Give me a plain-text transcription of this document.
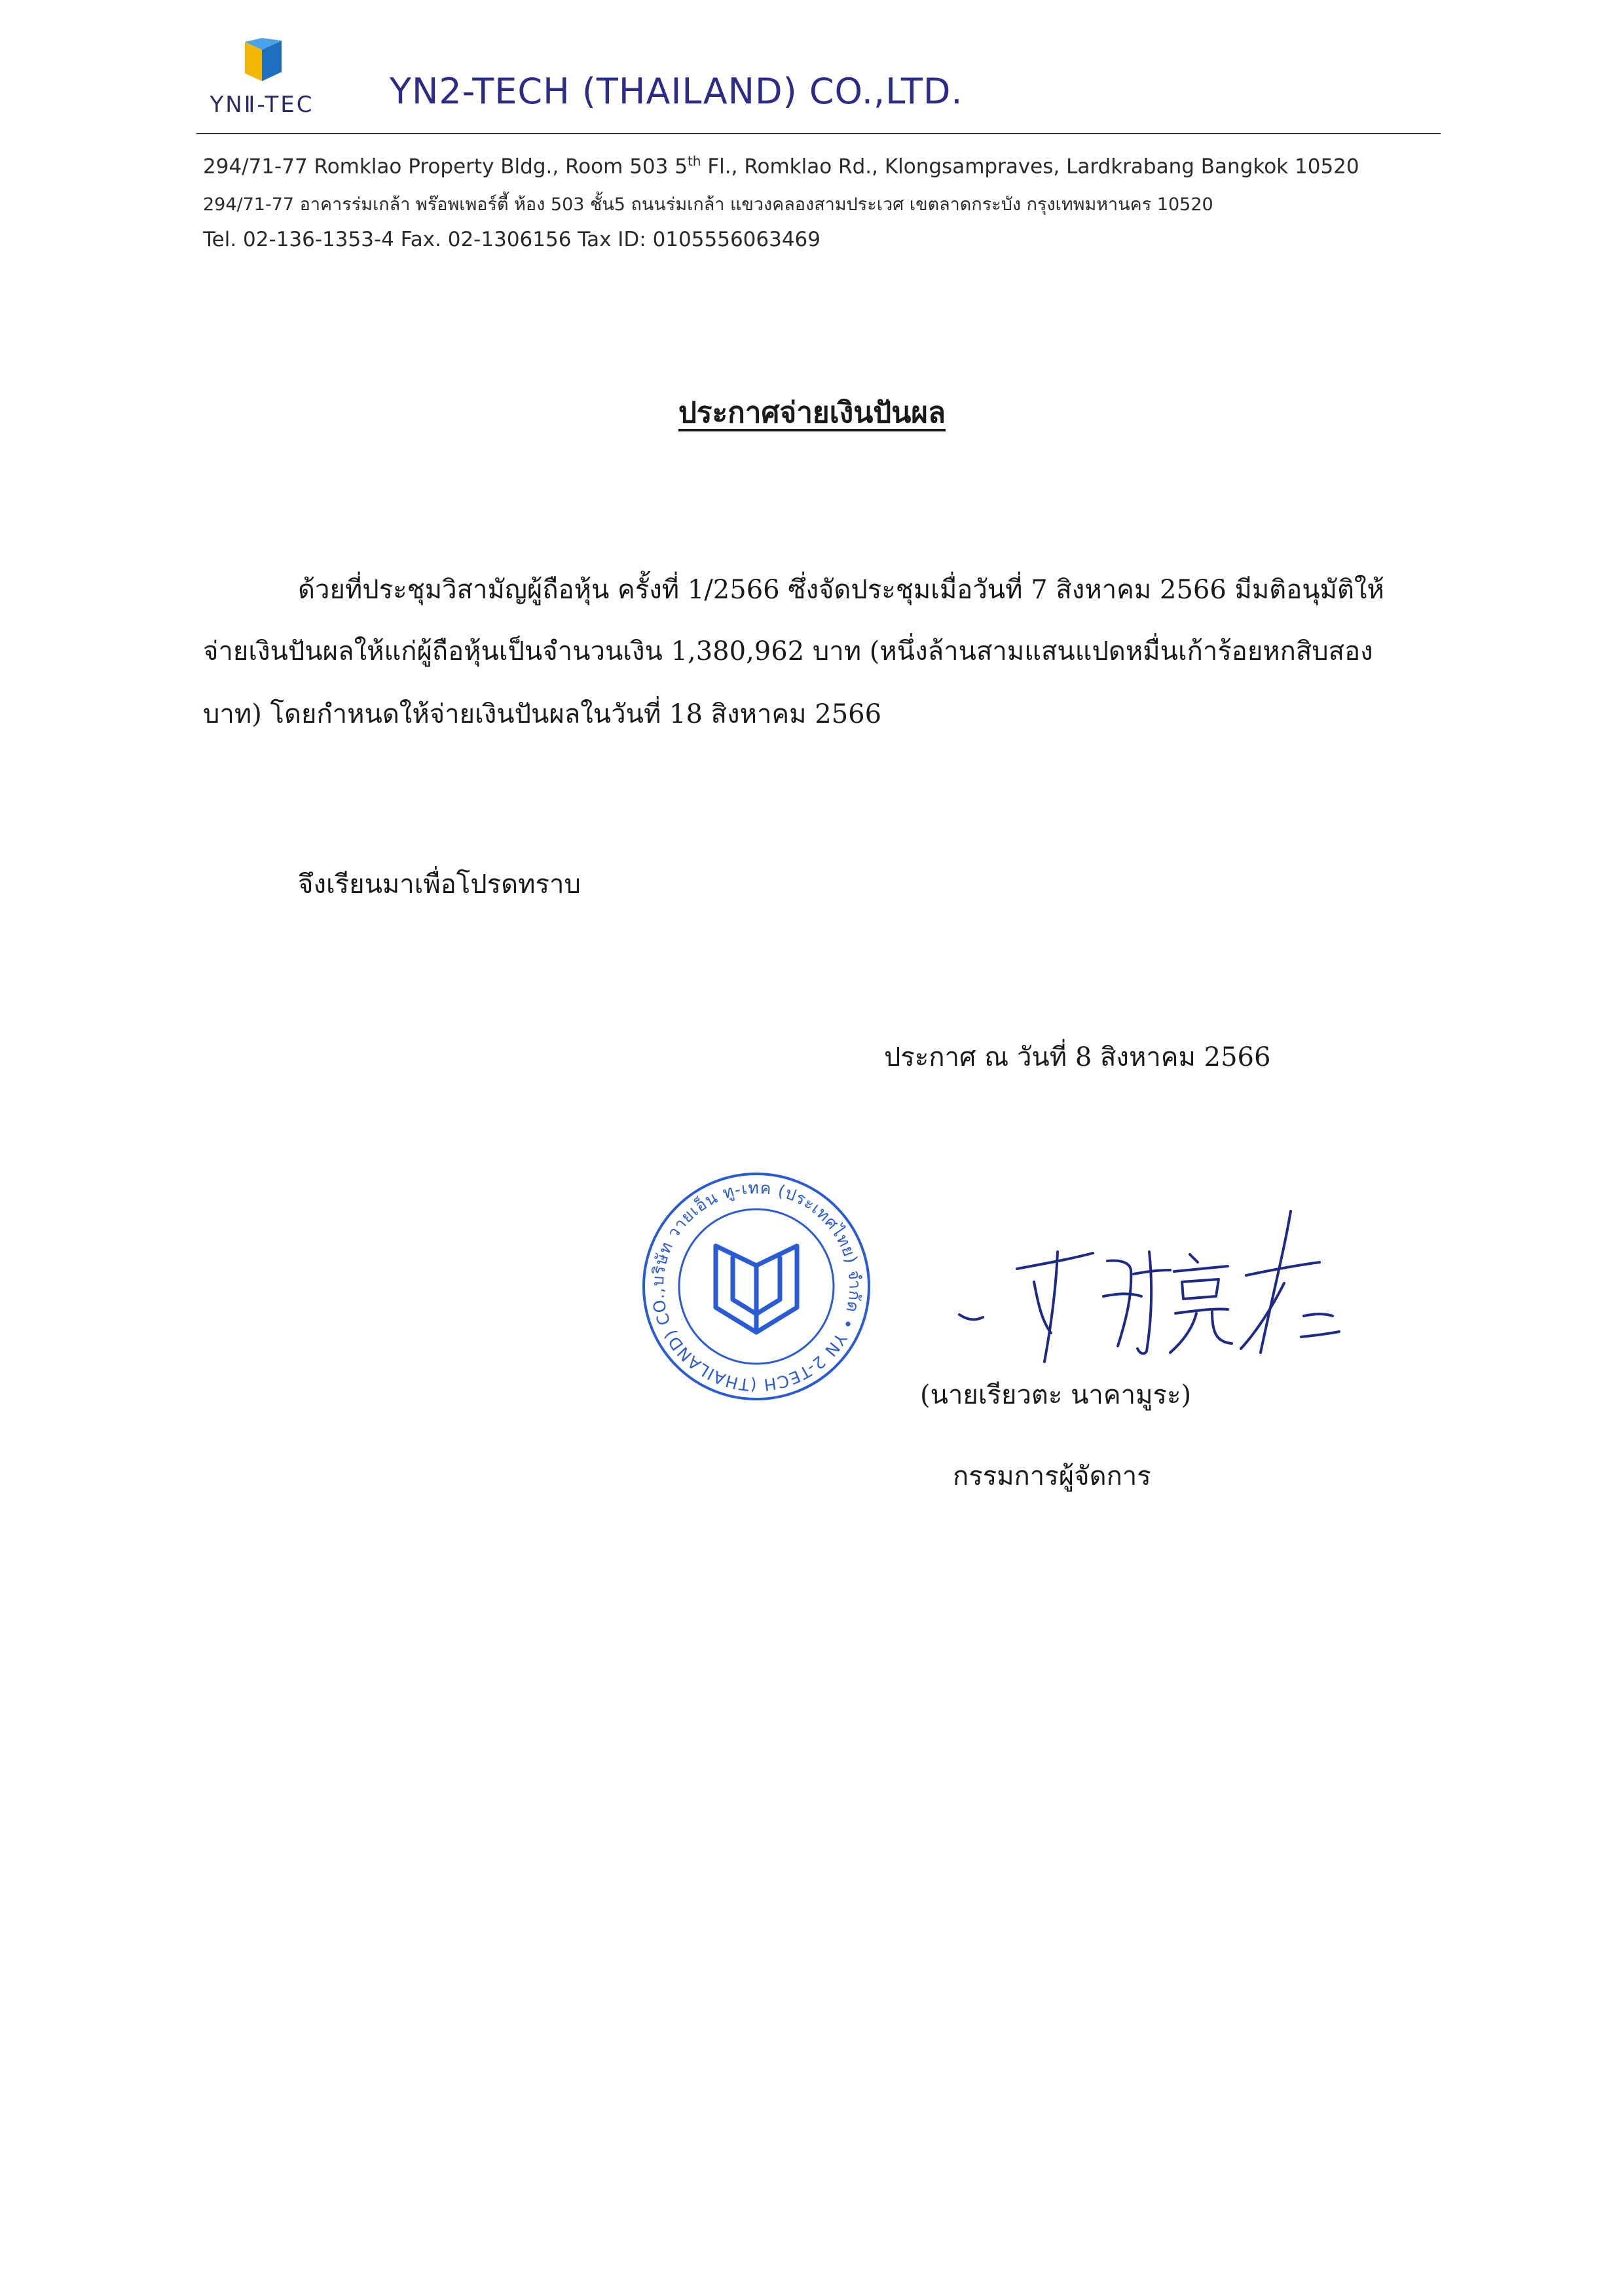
YNⅡ-TEC	YN2-TECH (THAILAND) CO.,LTD.
294/71-77 Romklao Property Bldg., Room 503 5th Fl., Romklao Rd., Klongsampraves, Lardkrabang Bangkok 10520
294/71-77 อาคารร่มเกล้า พร๊อพเพอร์ตี้ ห้อง 503 ชั้น5 ถนนร่มเกล้า แขวงคลองสามประเวศ เขตลาดกระบัง กรุงเทพมหานคร 10520
Tel. 02-136-1353-4 Fax. 02-1306156 Tax ID: 0105556063469
ประกาศจ่ายเงินปันผล
ด้วยที่ประชุมวิสามัญผู้ถือหุ้น ครั้งที่ 1/2566 ซึ่งจัดประชุมเมื่อวันที่ 7 สิงหาคม 2566 มีมติอนุมัติให้
จ่ายเงินปันผลให้แก่ผู้ถือหุ้นเป็นจำนวนเงิน 1,380,962 บาท (หนึ่งล้านสามแสนแปดหมื่นเก้าร้อยหกสิบสอง
บาท) โดยกำหนดให้จ่ายเงินปันผลในวันที่ 18 สิงหาคม 2566
จึงเรียนมาเพื่อโปรดทราบ
ประกาศ ณ วันที่ 8 สิงหาคม 2566
บริษัท วายเอ็น ทู-เทค (ประเทศไทย) จำกัด • YN 2-TECH (THAILAND) CO.,
(นายเรียวตะ นาคามูระ)
กรรมการผู้จัดการ
